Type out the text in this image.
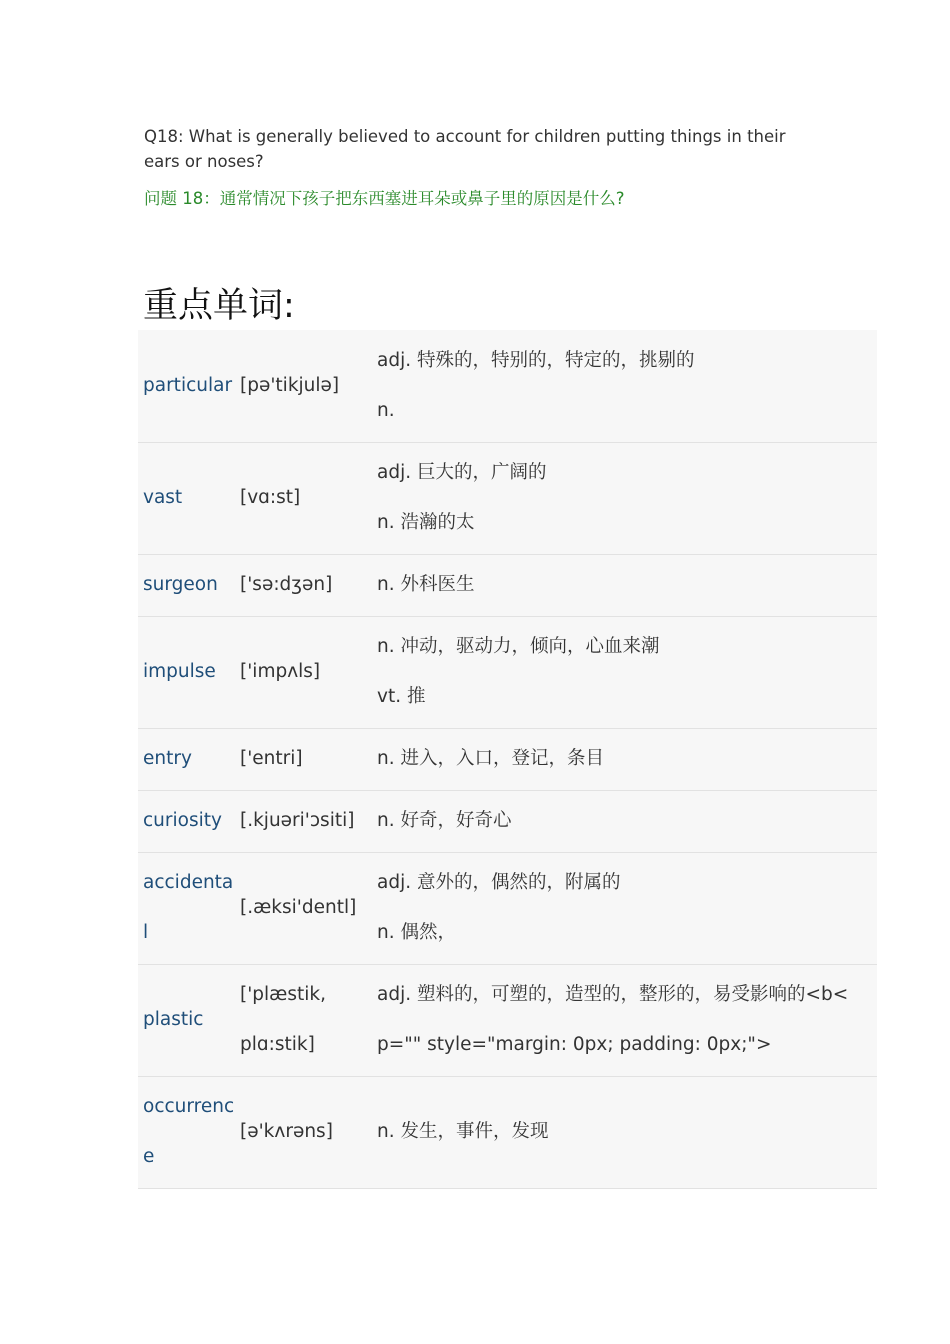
Q18: What is generally believed to account for children putting things in their ears or noses?

问题 18：通常情况下孩子把东西塞进耳朵或鼻子里的原因是什么?

重点单词:
particular	[pə'tikjulə]	adj. 特殊的，特别的，特定的，挑剔的
n.

vast	[vɑ:st]	adj. 巨大的，广阔的
n. 浩瀚的太

surgeon	['sə:dʒən]	n. 外科医生

impulse	['impʌls]	n. 冲动，驱动力，倾向，心血来潮
vt. 推

entry	['entri]	n. 进入，入口，登记，条目

curiosity	[.kjuəri'ɔsiti]	n. 好奇，好奇心

accidental	[.æksi'dentl]	adj. 意外的，偶然的，附属的
n. 偶然，

plastic	['plæstik, plɑ:stik]	adj. 塑料的，可塑的，造型的，整形的，易受影响的<b<
p="" style="margin: 0px; padding: 0px;">

occurrence	[ə'kʌrəns]	n. 发生，事件，发现
